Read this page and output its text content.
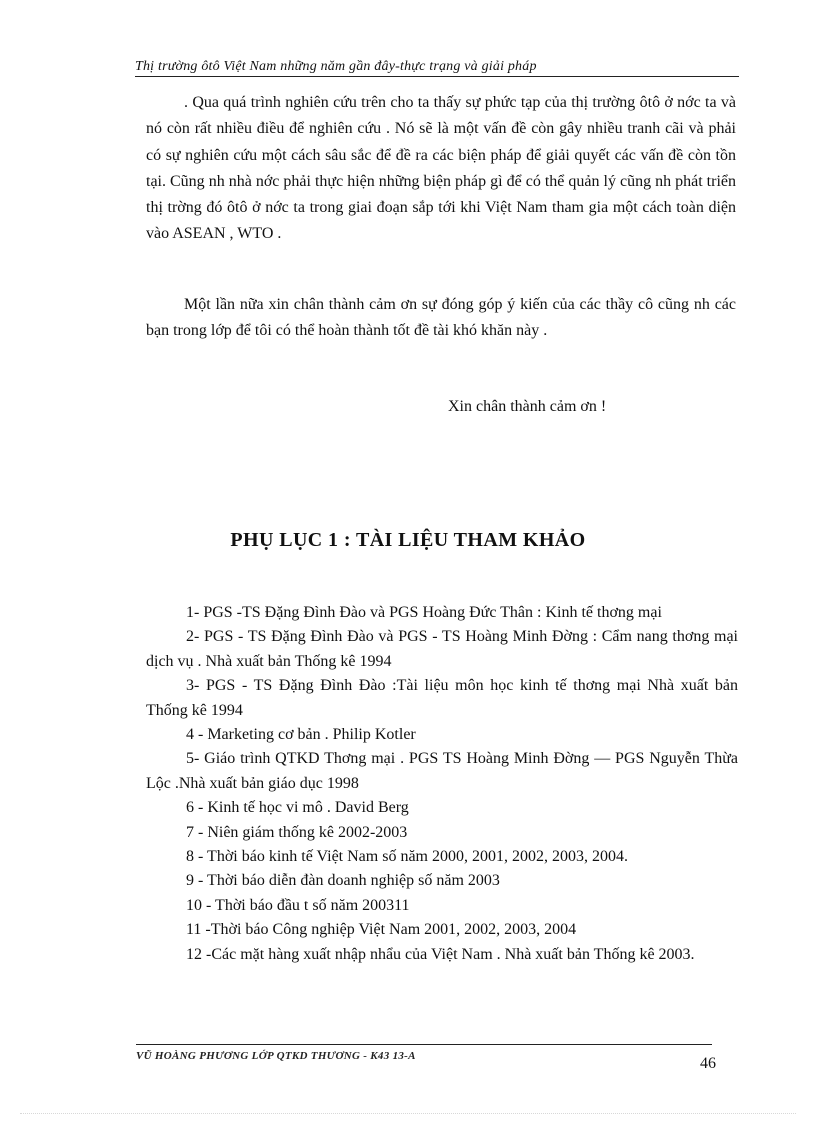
Thị trường ôtô Việt Nam những năm gần đây-thực trạng và giải pháp

. Qua quá trình nghiên cứu trên cho ta thấy sự phức tạp của thị trường ôtô ở nớc ta và nó còn rất nhiều điều để nghiên cứu . Nó sẽ là một vấn đề còn gây nhiều tranh cãi và phải có sự nghiên cứu một cách sâu sắc để đề ra các biện pháp để giải quyết các vấn đề còn tồn tại. Cũng nh nhà nớc phải thực hiện những biện pháp gì để có thể quản lý cũng nh phát triển thị trờng đó ôtô ở nớc ta trong giai đoạn sắp tới khi Việt Nam tham gia một cách toàn diện vào ASEAN , WTO .

Một lần nữa xin chân thành cảm ơn sự đóng góp ý kiến của các thầy cô cũng nh các bạn trong lớp để tôi có thể hoàn thành tốt đề tài khó khăn này .

Xin chân thành cảm ơn !
PHỤ LỤC 1 : TÀI LIỆU THAM KHẢO
1- PGS -TS Đặng Đình Đào và PGS Hoàng Đức Thân : Kinh tế thơng mại
2- PGS - TS Đặng Đình Đào và PGS - TS Hoàng Minh Đờng : Cẩm nang thơng mại dịch vụ . Nhà xuất bản Thống kê 1994
3- PGS - TS Đặng Đình Đào :Tài liệu môn học kinh tế thơng mại Nhà xuất bản Thống kê 1994
4 - Marketing cơ bản . Philip Kotler
5- Giáo trình QTKD Thơng mại . PGS TS Hoàng Minh Đờng — PGS Nguyễn Thừa Lộc .Nhà xuất bản giáo dục 1998
6 - Kinh tế học vi mô . David Berg
7 - Niên giám thống kê 2002-2003
8 - Thời báo kinh tế Việt Nam số năm 2000, 2001, 2002, 2003, 2004.
9 - Thời báo diễn đàn doanh nghiệp số năm 2003
10 - Thời báo đầu t số năm 200311
11 -Thời báo Công nghiệp Việt Nam 2001, 2002, 2003, 2004
12 -Các mặt hàng xuất nhập nhẩu của Việt Nam . Nhà xuất bản Thống kê 2003.
VŨ HOÀNG PHƯƠNG LỚP QTKD THƯƠNG - K43 13-A	46
